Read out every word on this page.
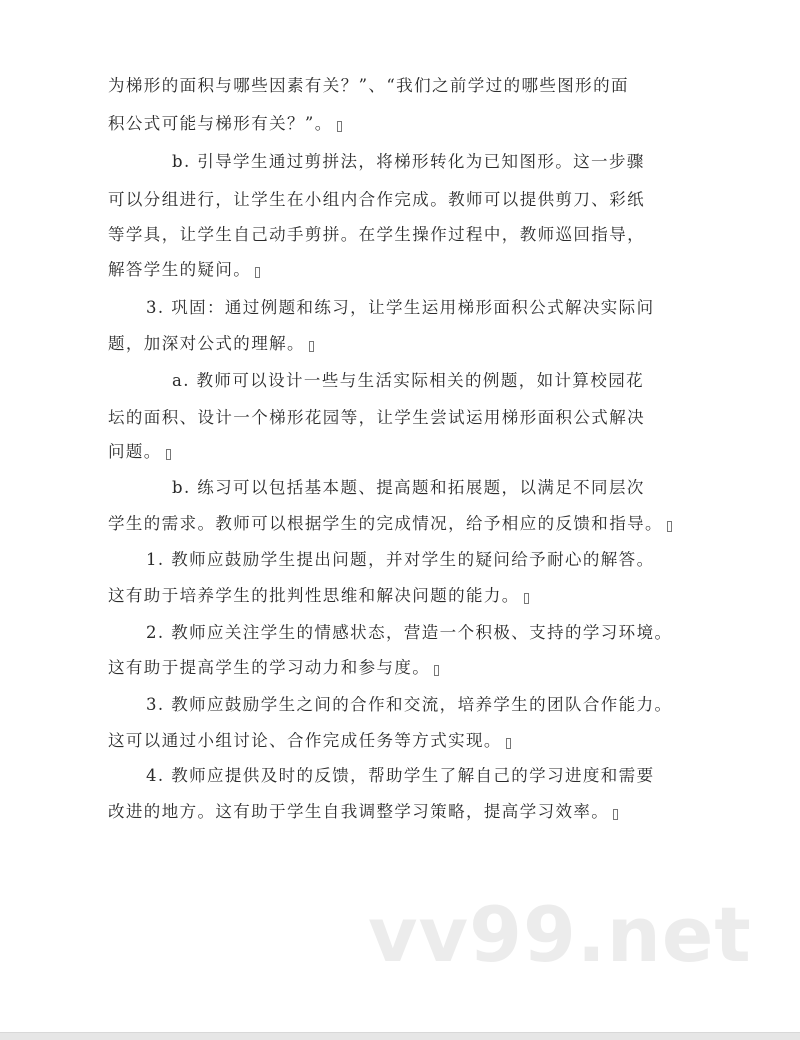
为梯形的面积与哪些因素有关？”、“我们之前学过的哪些图形的面
积公式可能与梯形有关？”。
b. 引导学生通过剪拼法，将梯形转化为已知图形。这一步骤
可以分组进行，让学生在小组内合作完成。教师可以提供剪刀、彩纸
等学具，让学生自己动手剪拼。在学生操作过程中，教师巡回指导，
解答学生的疑问。
3. 巩固：通过例题和练习，让学生运用梯形面积公式解决实际问
题，加深对公式的理解。
a. 教师可以设计一些与生活实际相关的例题，如计算校园花
坛的面积、设计一个梯形花园等，让学生尝试运用梯形面积公式解决
问题。
b. 练习可以包括基本题、提高题和拓展题，以满足不同层次
学生的需求。教师可以根据学生的完成情况，给予相应的反馈和指导。
1. 教师应鼓励学生提出问题，并对学生的疑问给予耐心的解答。
这有助于培养学生的批判性思维和解决问题的能力。
2. 教师应关注学生的情感状态，营造一个积极、支持的学习环境。
这有助于提高学生的学习动力和参与度。
3. 教师应鼓励学生之间的合作和交流，培养学生的团队合作能力。
这可以通过小组讨论、合作完成任务等方式实现。
4. 教师应提供及时的反馈，帮助学生了解自己的学习进度和需要
改进的地方。这有助于学生自我调整学习策略，提高学习效率。
vv99.net
